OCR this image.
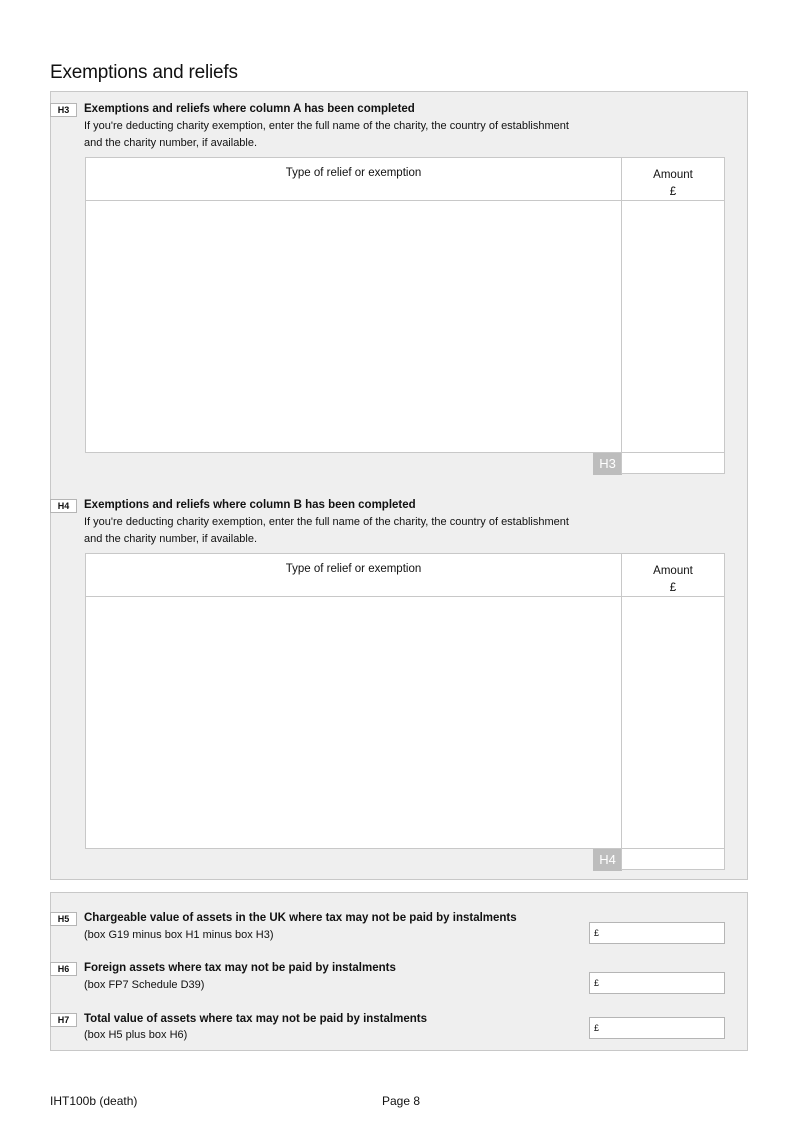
Exemptions and reliefs
H3	Exemptions and reliefs where column A has been completed

If you're deducting charity exemption, enter the full name of the charity, the country of establishment

and the charity number, if available.

Type of relief or exemption	Amount
£
H3
H4	Exemptions and reliefs where column B has been completed

If you're deducting charity exemption, enter the full name of the charity, the country of establishment

and the charity number, if available.

Type of relief or exemption	Amount
£
H4
H5	Chargeable value of assets in the UK where tax may not be paid by instalments

(box G19 minus box H1 minus box H3)	£
H6	Foreign assets where tax may not be paid by instalments

(box FP7 Schedule D39)	£
H7	Total value of assets where tax may not be paid by instalments

(box H5 plus box H6)

£
IHT100b (death)	Page 8
